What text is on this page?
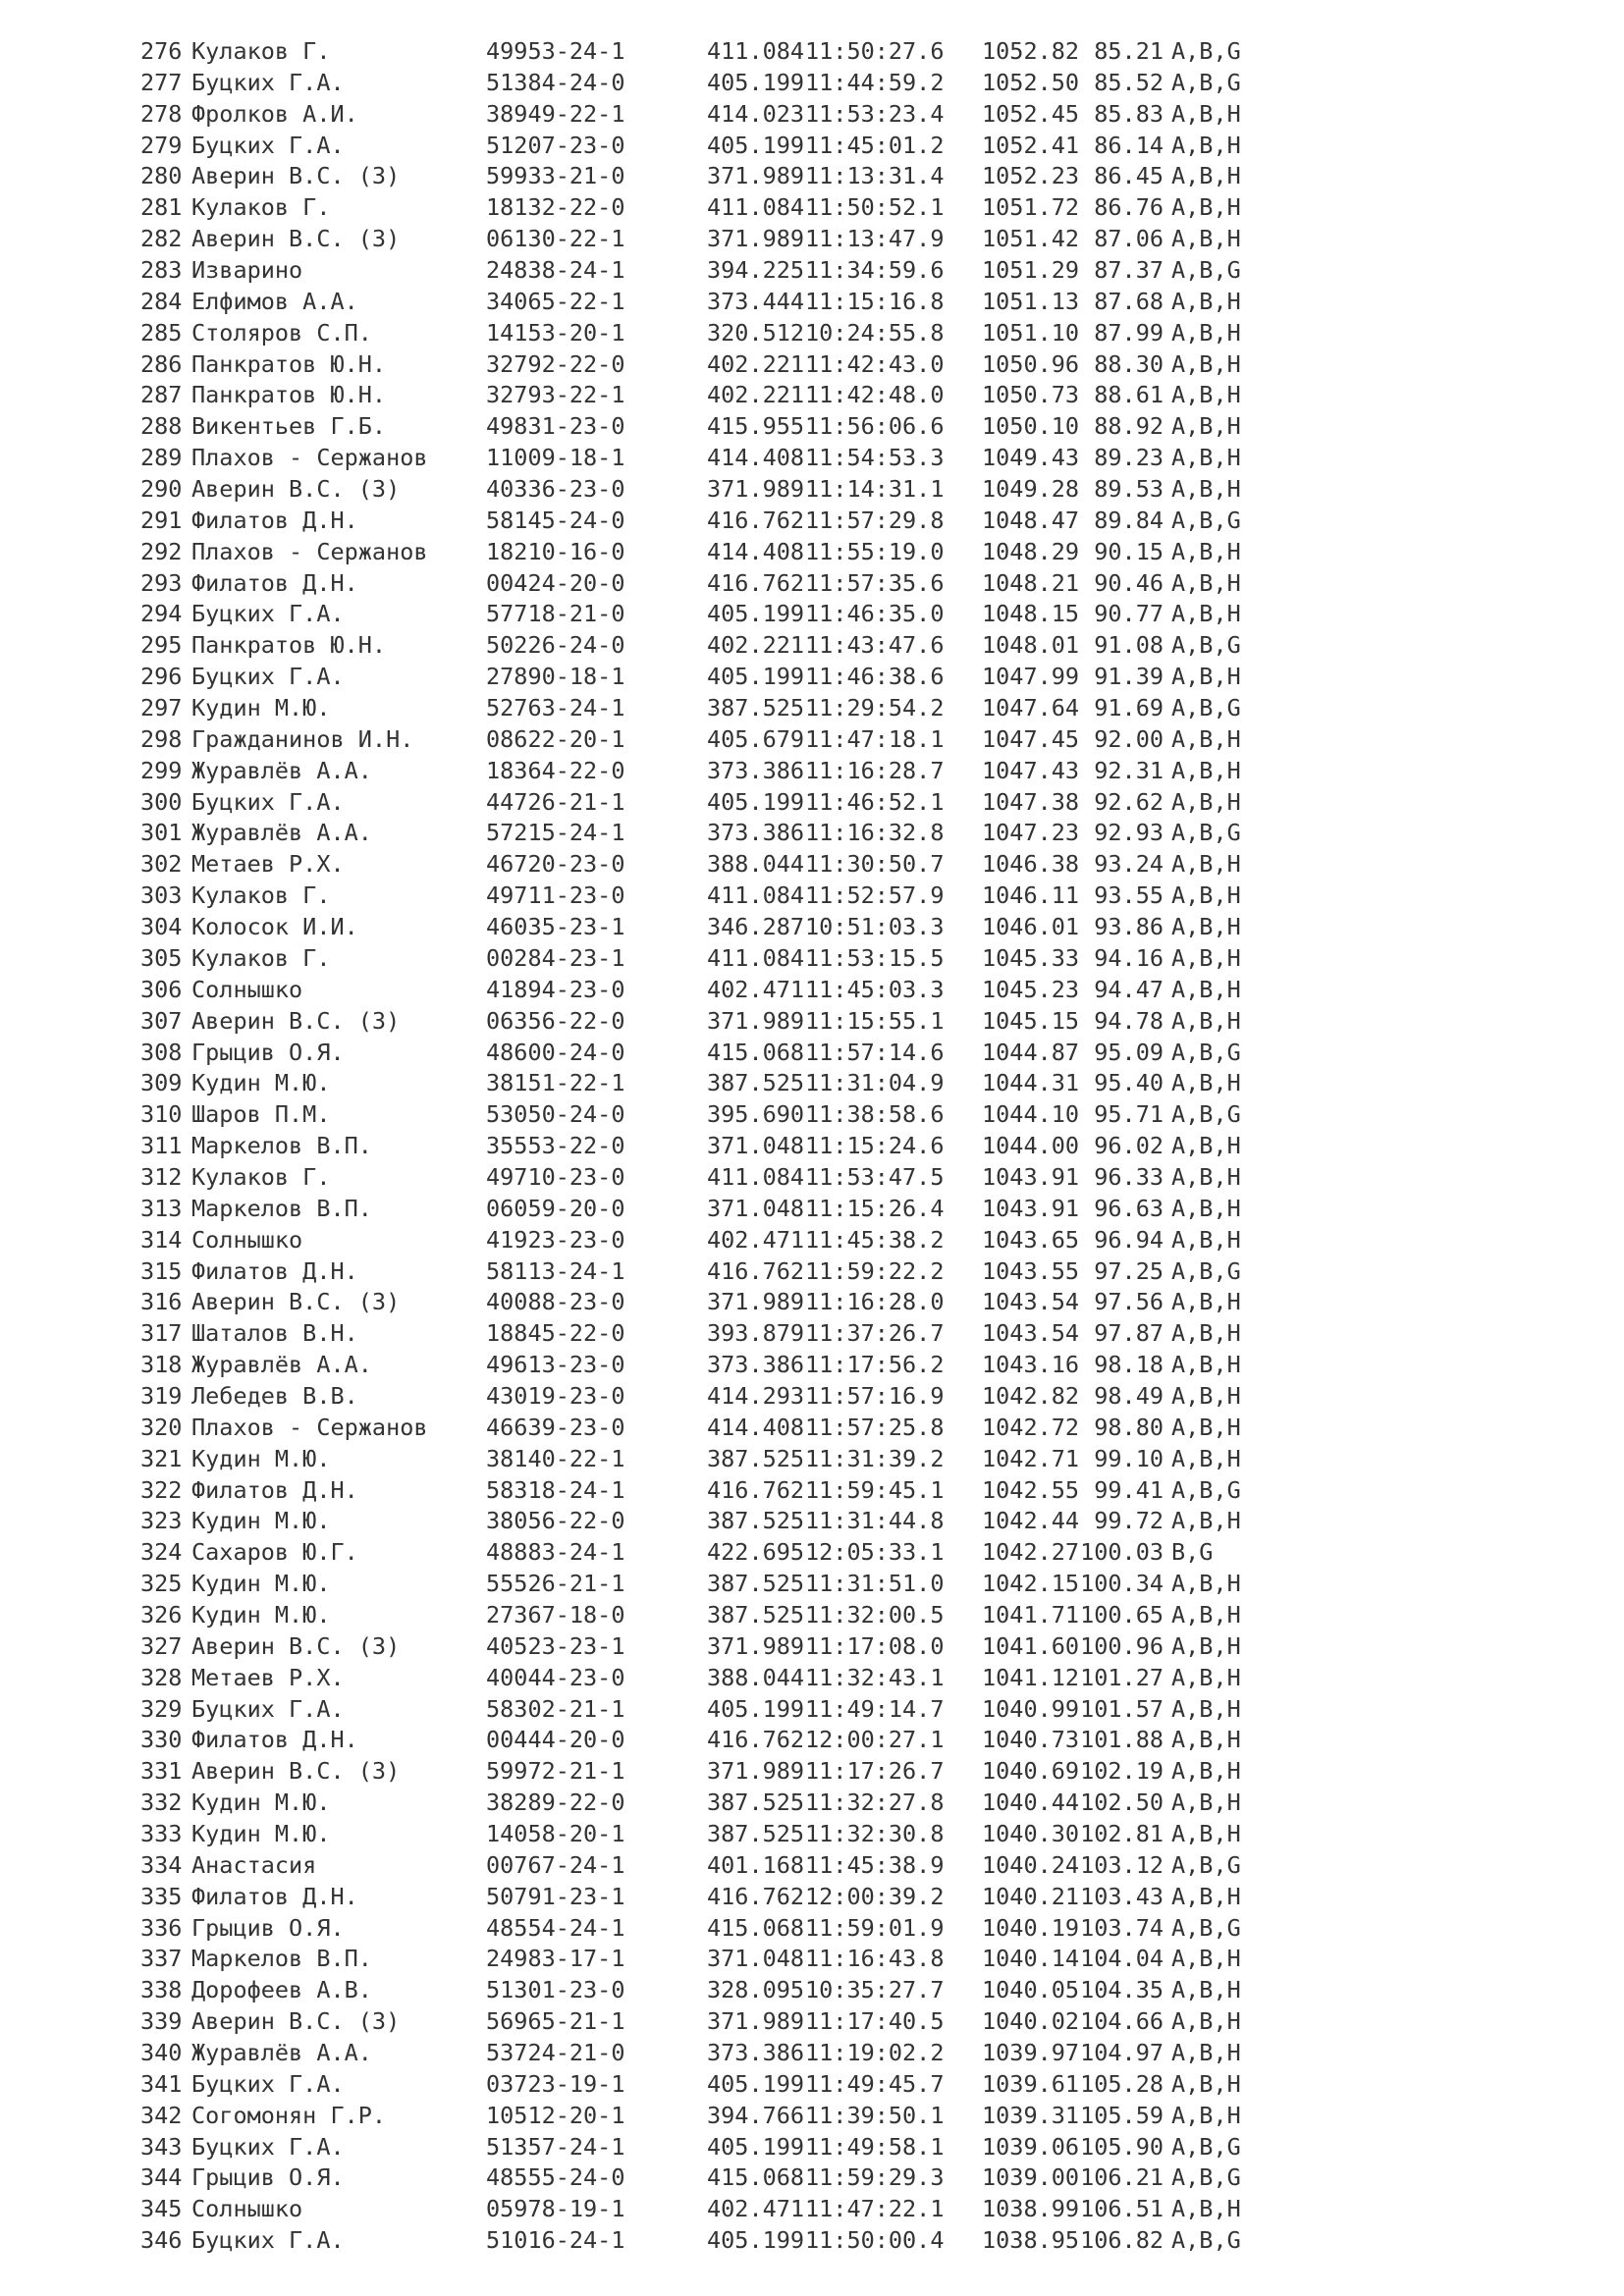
276 Кулаков Г.	49953-24-1	411.08411:50:27.6 1052.82 85.21 A,B,G
277 Буцких Г.А.	51384-24-0	405.19911:44:59.2 1052.50 85.52 A,B,G
278 Фролков А.И.	38949-22-1	414.02311:53:23.4 1052.45 85.83 A,B,H
279 Буцких Г.А.	51207-23-0	405.19911:45:01.2 1052.41 86.14 A,B,H
280 Аверин В.С. (З)	59933-21-0	371.98911:13:31.4 1052.23 86.45 A,B,H
281 Кулаков Г.	18132-22-0	411.08411:50:52.1 1051.72 86.76 A,B,H
282 Аверин В.С. (З)	06130-22-1	371.98911:13:47.9 1051.42 87.06 A,B,H
283 Изварино	24838-24-1	394.22511:34:59.6 1051.29 87.37 A,B,G
284 Елфимов А.А.	34065-22-1	373.44411:15:16.8 1051.13 87.68 A,B,H
285 Столяров С.П.	14153-20-1	320.51210:24:55.8 1051.10 87.99 A,B,H
286 Панкратов Ю.Н.	32792-22-0	402.22111:42:43.0 1050.96 88.30 A,B,H
287 Панкратов Ю.Н.	32793-22-1	402.22111:42:48.0 1050.73 88.61 A,B,H
288 Викентьев Г.Б.	49831-23-0	415.95511:56:06.6 1050.10 88.92 A,B,H
289 Плахов - Сержанов	11009-18-1	414.40811:54:53.3 1049.43 89.23 A,B,H
290 Аверин В.С. (З)	40336-23-0	371.98911:14:31.1 1049.28 89.53 A,B,H
291 Филатов Д.Н.	58145-24-0	416.76211:57:29.8 1048.47 89.84 A,B,G
292 Плахов - Сержанов	18210-16-0	414.40811:55:19.0 1048.29 90.15 A,B,H
293 Филатов Д.Н.	00424-20-0	416.76211:57:35.6 1048.21 90.46 A,B,H
294 Буцких Г.А.	57718-21-0	405.19911:46:35.0 1048.15 90.77 A,B,H
295 Панкратов Ю.Н.	50226-24-0	402.22111:43:47.6 1048.01 91.08 A,B,G
296 Буцких Г.А.	27890-18-1	405.19911:46:38.6 1047.99 91.39 A,B,H
297 Кудин М.Ю.	52763-24-1	387.52511:29:54.2 1047.64 91.69 A,B,G
298 Гражданинов И.Н.	08622-20-1	405.67911:47:18.1 1047.45 92.00 A,B,H
299 Журавлёв А.А.	18364-22-0	373.38611:16:28.7 1047.43 92.31 A,B,H
300 Буцких Г.А.	44726-21-1	405.19911:46:52.1 1047.38 92.62 A,B,H
301 Журавлёв А.А.	57215-24-1	373.38611:16:32.8 1047.23 92.93 A,B,G
302 Метаев Р.Х.	46720-23-0	388.04411:30:50.7 1046.38 93.24 A,B,H
303 Кулаков Г.	49711-23-0	411.08411:52:57.9 1046.11 93.55 A,B,H
304 Колосок И.И.	46035-23-1	346.28710:51:03.3 1046.01 93.86 A,B,H
305 Кулаков Г.	00284-23-1	411.08411:53:15.5 1045.33 94.16 A,B,H
306 Солнышко	41894-23-0	402.47111:45:03.3 1045.23 94.47 A,B,H
307 Аверин В.С. (З)	06356-22-0	371.98911:15:55.1 1045.15 94.78 A,B,H
308 Грыцив О.Я.	48600-24-0	415.06811:57:14.6 1044.87 95.09 A,B,G
309 Кудин М.Ю.	38151-22-1	387.52511:31:04.9 1044.31 95.40 A,B,H
310 Шаров П.М.	53050-24-0	395.69011:38:58.6 1044.10 95.71 A,B,G
311 Маркелов В.П.	35553-22-0	371.04811:15:24.6 1044.00 96.02 A,B,H
312 Кулаков Г.	49710-23-0	411.08411:53:47.5 1043.91 96.33 A,B,H
313 Маркелов В.П.	06059-20-0	371.04811:15:26.4 1043.91 96.63 A,B,H
314 Солнышко	41923-23-0	402.47111:45:38.2 1043.65 96.94 A,B,H
315 Филатов Д.Н.	58113-24-1	416.76211:59:22.2 1043.55 97.25 A,B,G
316 Аверин В.С. (З)	40088-23-0	371.98911:16:28.0 1043.54 97.56 A,B,H
317 Шаталов В.Н.	18845-22-0	393.87911:37:26.7 1043.54 97.87 A,B,H
318 Журавлёв А.А.	49613-23-0	373.38611:17:56.2 1043.16 98.18 A,B,H
319 Лебедев В.В.	43019-23-0	414.29311:57:16.9 1042.82 98.49 A,B,H
320 Плахов - Сержанов	46639-23-0	414.40811:57:25.8 1042.72 98.80 A,B,H
321 Кудин М.Ю.	38140-22-1	387.52511:31:39.2 1042.71 99.10 A,B,H
322 Филатов Д.Н.	58318-24-1	416.76211:59:45.1 1042.55 99.41 A,B,G
323 Кудин М.Ю.	38056-22-0	387.52511:31:44.8 1042.44 99.72 A,B,H
324 Сахаров Ю.Г.	48883-24-1	422.69512:05:33.1 1042.27100.03 B,G
325 Кудин М.Ю.	55526-21-1	387.52511:31:51.0 1042.15100.34 A,B,H
326 Кудин М.Ю.	27367-18-0	387.52511:32:00.5 1041.71100.65 A,B,H
327 Аверин В.С. (З)	40523-23-1	371.98911:17:08.0 1041.60100.96 A,B,H
328 Метаев Р.Х.	40044-23-0	388.04411:32:43.1 1041.12101.27 A,B,H
329 Буцких Г.А.	58302-21-1	405.19911:49:14.7 1040.99101.57 A,B,H
330 Филатов Д.Н.	00444-20-0	416.76212:00:27.1 1040.73101.88 A,B,H
331 Аверин В.С. (З)	59972-21-1	371.98911:17:26.7 1040.69102.19 A,B,H
332 Кудин М.Ю.	38289-22-0	387.52511:32:27.8 1040.44102.50 A,B,H
333 Кудин М.Ю.	14058-20-1	387.52511:32:30.8 1040.30102.81 A,B,H
334 Анастасия	00767-24-1	401.16811:45:38.9 1040.24103.12 A,B,G
335 Филатов Д.Н.	50791-23-1	416.76212:00:39.2 1040.21103.43 A,B,H
336 Грыцив О.Я.	48554-24-1	415.06811:59:01.9 1040.19103.74 A,B,G
337 Маркелов В.П.	24983-17-1	371.04811:16:43.8 1040.14104.04 A,B,H
338 Дорофеев А.В.	51301-23-0	328.09510:35:27.7 1040.05104.35 A,B,H
339 Аверин В.С. (З)	56965-21-1	371.98911:17:40.5 1040.02104.66 A,B,H
340 Журавлёв А.А.	53724-21-0	373.38611:19:02.2 1039.97104.97 A,B,H
341 Буцких Г.А.	03723-19-1	405.19911:49:45.7 1039.61105.28 A,B,H
342 Согомонян Г.Р.	10512-20-1	394.76611:39:50.1 1039.31105.59 A,B,H
343 Буцких Г.А.	51357-24-1	405.19911:49:58.1 1039.06105.90 A,B,G
344 Грыцив О.Я.	48555-24-0	415.06811:59:29.3 1039.00106.21 A,B,G
345 Солнышко	05978-19-1	402.47111:47:22.1 1038.99106.51 A,B,H
346 Буцких Г.А.	51016-24-1	405.19911:50:00.4 1038.95106.82 A,B,G
